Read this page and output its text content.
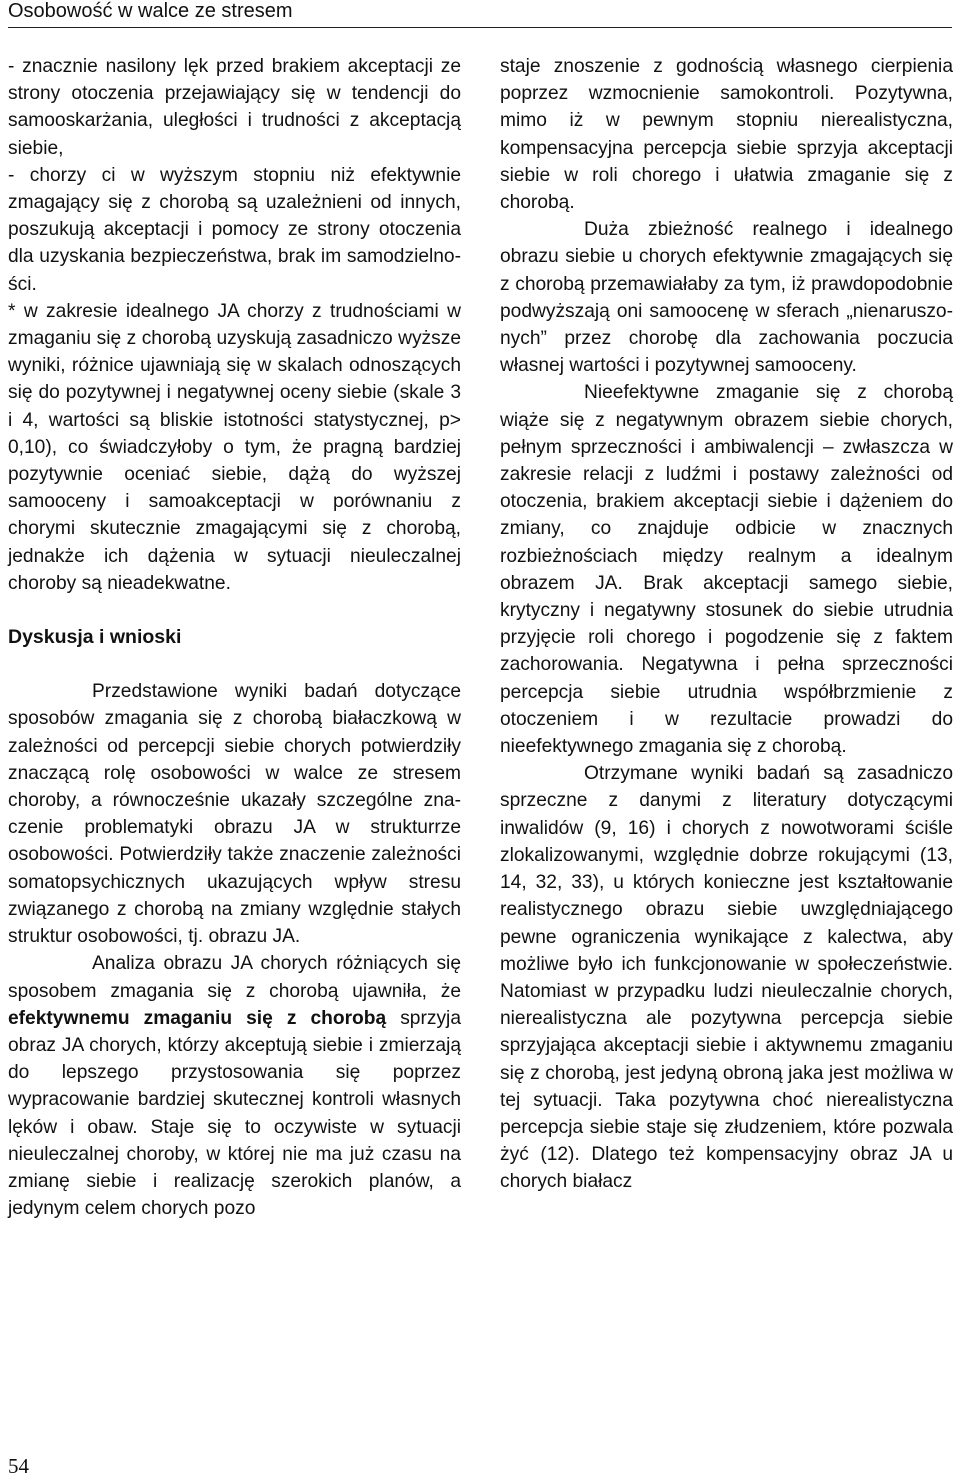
Osobowość w walce ze stresem

- znacznie nasilony lęk przed brakiem akceptacji ze strony otoczenia przejawiający się w tendencji do samooskarżania, uległości i trudności z akceptacją siebie,

- chorzy ci w wyższym stopniu niż efektywnie zmagający się z chorobą są uzależnieni od innych, poszukują akceptacji i pomocy ze strony otoczenia dla uzyskania bezpieczeństwa, brak im samodzielności.

* w zakresie idealnego JA chorzy z trudnościami w zmaganiu się z chorobą uzyskują zasadniczo wyższe wyniki, różnice ujawniają się w skalach odnoszących się do pozytywnej i negatywnej oceny siebie (skale 3 i 4, wartości są bliskie istotności statystycznej, p> 0,10), co świadczyłoby o tym, że pragną bardziej pozytywnie oceniać siebie, dążą do wyższej samooceny i samoakceptacji w porównaniu z chorymi skutecznie zmagającymi się z chorobą, jednakże ich dążenia w sytuacji nieuleczalnej choroby są nieadekwatne.

Dyskusja i wnioski

Przedstawione wyniki badań dotyczące sposobów zmagania się z chorobą białaczkową w zależności od percepcji siebie chorych potwierdziły znaczącą rolę osobowości w walce ze stresem choroby, a równocześnie ukazały szczególne znaczenie problematyki obrazu JA w strukturrze osobowości. Potwierdziły także znaczenie zależności somatopsychicznych ukazujących wpływ stresu związanego z chorobą na zmiany względnie stałych struktur osobowości, tj. obrazu JA.

Analiza obrazu JA chorych różniących się sposobem zmagania się z chorobą ujawniła, że efektywnemu zmaganiu się z chorobą sprzyja obraz JA chorych, którzy akceptują siebie i zmierzają do lepszego przystosowania się poprzez wypracowanie bardziej skutecznej kontroli własnych lęków i obaw. Staje się to oczywiste w sytuacji nieuleczalnej choroby, w której nie ma już czasu na zmianę siebie i realizację szerokich planów, a jedynym celem chorych pozo

staje znoszenie z godnością własnego cierpienia poprzez wzmocnienie samokontroli. Pozytywna, mimo iż w pewnym stopniu nierealistyczna, kompensacyjna percepcja siebie sprzyja akceptacji siebie w roli chorego i ułatwia zmaganie się z chorobą.

Duża zbieżność realnego i idealnego obrazu siebie u chorych efektywnie zmagających się z chorobą przemawiałaby za tym, iż prawdopodobnie podwyższają oni samoocenę w sferach „nienaruszonych” przez chorobę dla zachowania poczucia własnej wartości i pozytywnej samooceny.

Nieefektywne zmaganie się z chorobą wiąże się z negatywnym obrazem siebie chorych, pełnym sprzeczności i ambiwalencji – zwłaszcza w zakresie relacji z ludźmi i postawy zależności od otoczenia, brakiem akceptacji siebie i dążeniem do zmiany, co znajduje odbicie w znacznych rozbieżnościach między realnym a idealnym obrazem JA. Brak akceptacji samego siebie, krytyczny i negatywny stosunek do siebie utrudnia przyjęcie roli chorego i pogodzenie się z faktem zachorowania. Negatywna i pełna sprzeczności percepcja siebie utrudnia współbrzmienie z otoczeniem i w rezultacie prowadzi do nieefektywnego zmagania się z chorobą.

Otrzymane wyniki badań są zasadniczo sprzeczne z danymi z literatury dotyczącymi inwalidów (9, 16) i chorych z nowotworami ściśle zlokalizowanymi, względnie dobrze rokującymi (13, 14, 32, 33), u których konieczne jest kształtowanie realistycznego obrazu siebie uwzględniającego pewne ograniczenia wynikające z kalectwa, aby możliwe było ich funkcjonowanie w społeczeństwie. Natomiast w przypadku ludzi nieuleczalnie chorych, nierealistyczna ale pozytywna percepcja siebie sprzyjająca akceptacji siebie i aktywnemu zmaganiu się z chorobą, jest jedyną obroną jaka jest możliwa w tej sytuacji. Taka pozytywna choć nierealistyczna percepcja siebie staje się złudzeniem, które pozwala żyć (12). Dlatego też kompensacyjny obraz JA u chorych białacz

54
